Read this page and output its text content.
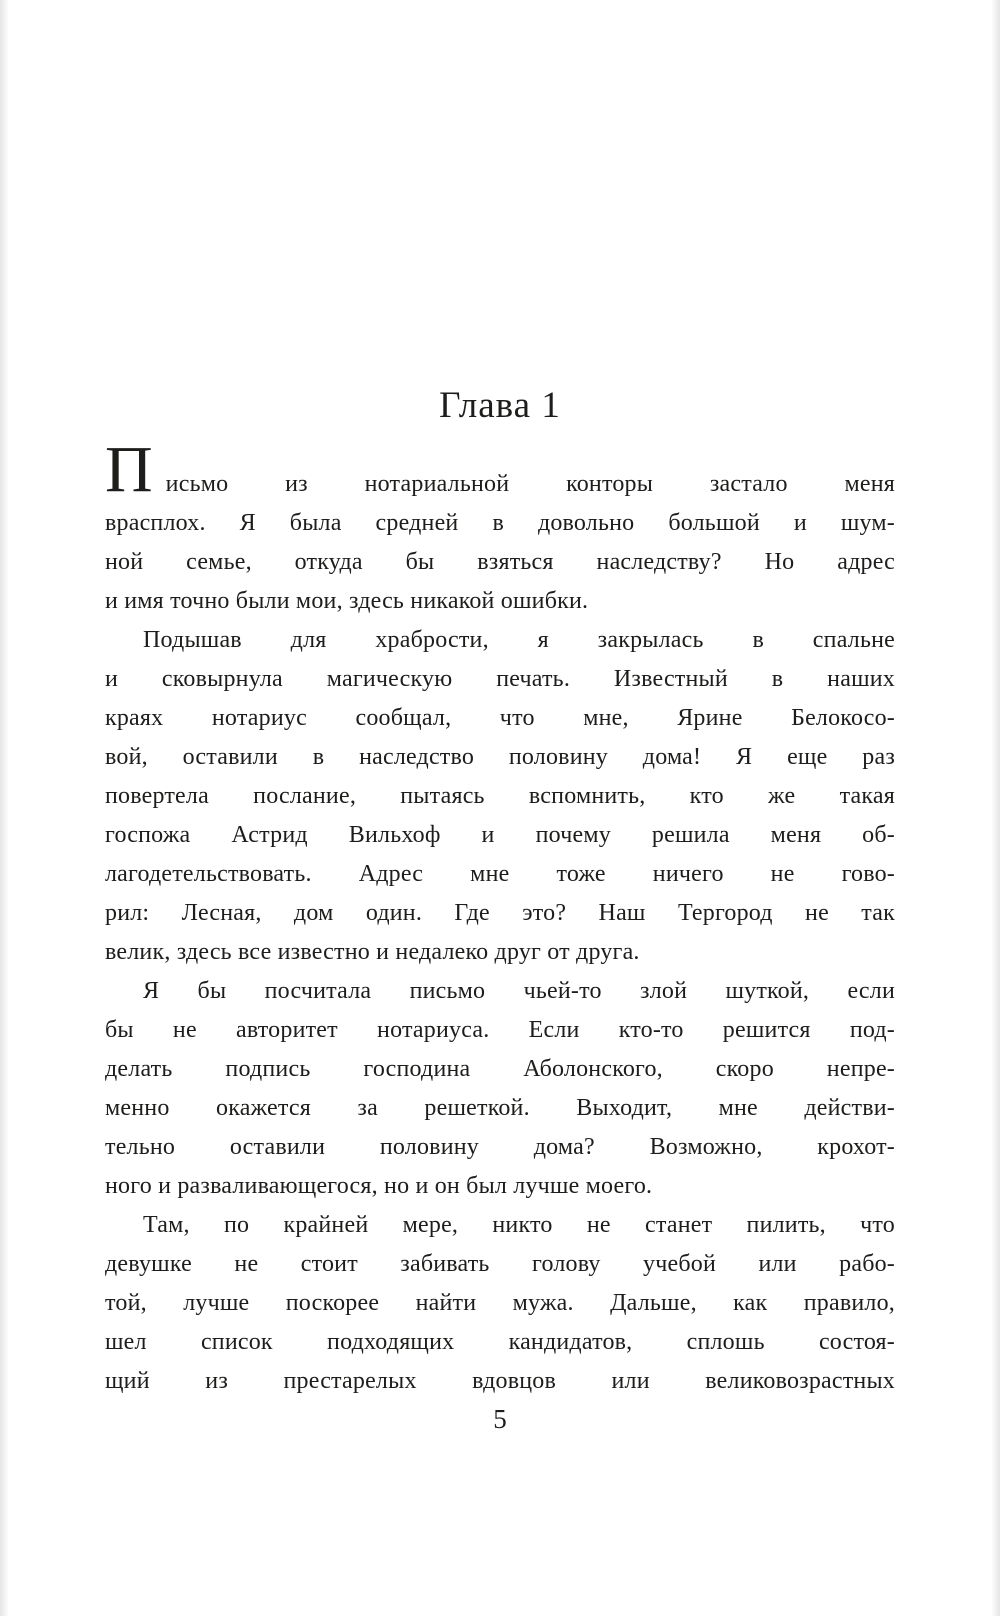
Глава 1

Письмо из нотариальной конторы застало меня
врасплох. Я была средней в довольно большой и шум-
ной семье, откуда бы взяться наследству? Но адрес
и имя точно были мои, здесь никакой ошибки.

Подышав для храбрости, я закрылась в спальне
и сковырнула магическую печать. Известный в наших
краях нотариус сообщал, что мне, Ярине Белокосо-
вой, оставили в наследство половину дома! Я еще раз
повертела послание, пытаясь вспомнить, кто же такая
госпожа Астрид Вильхоф и почему решила меня об-
лагодетельствовать. Адрес мне тоже ничего не гово-
рил: Лесная, дом один. Где это? Наш Тергород не так
велик, здесь все известно и недалеко друг от друга.

Я бы посчитала письмо чьей-то злой шуткой, если
бы не авторитет нотариуса. Если кто-то решится под-
делать подпись господина Аболонского, скоро непре-
менно окажется за решеткой. Выходит, мне действи-
тельно оставили половину дома? Возможно, крохот-
ного и разваливающегося, но и он был лучше моего.

Там, по крайней мере, никто не станет пилить, что
девушке не стоит забивать голову учебой или рабо-
той, лучше поскорее найти мужа. Дальше, как правило,
шел список подходящих кандидатов, сплошь состоя-
щий из престарелых вдовцов или великовозрастных

5
